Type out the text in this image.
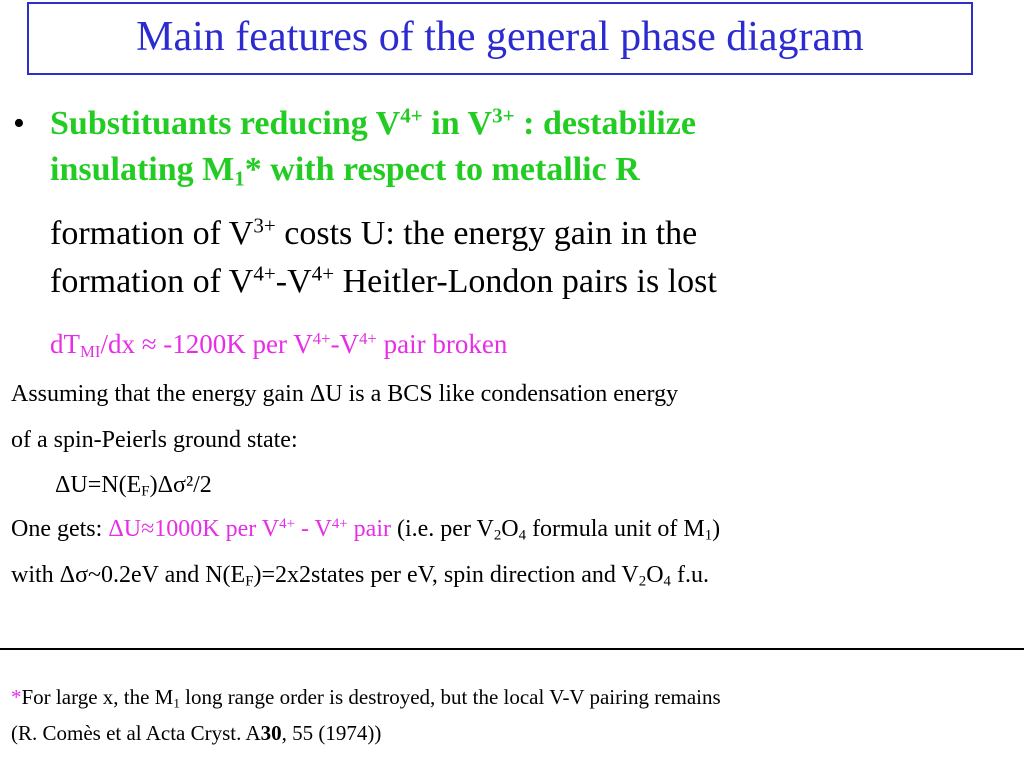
Main features of the general phase diagram
• Substituants reducing $V^{4+}$ in $V^{3+}$ : destabilize
insulating $M_1*$ with respect to metallic R
formation of $V^{3+}$ costs U: the energy gain in the
formation of $V^{4+}-V^{4+}$ Heitler-London pairs is lost
$dT_{MI}/dx \approx -1200K$ per $V^{4+}-V^{4+}$ pair broken
Assuming that the energy gain ΔU is a BCS like condensation energy
of a spin-Peierls ground state:
$\Delta U=N(E_F)\Delta\sigma^2/2$
One gets: ΔU≈1000K per $V^{4+} - V^{4+}$ pair (i.e. per $V_2O_4$ formula unit of $M_1$)
with Δσ~0.2eV and $N(E_F)=2x2states$ per eV, spin direction and $V_2O_4$ f.u.
*For large x, the $M_1$ long range order is destroyed, but the local V-V pairing remains
(R. Comès et al Acta Cryst. A30, 55 (1974))
